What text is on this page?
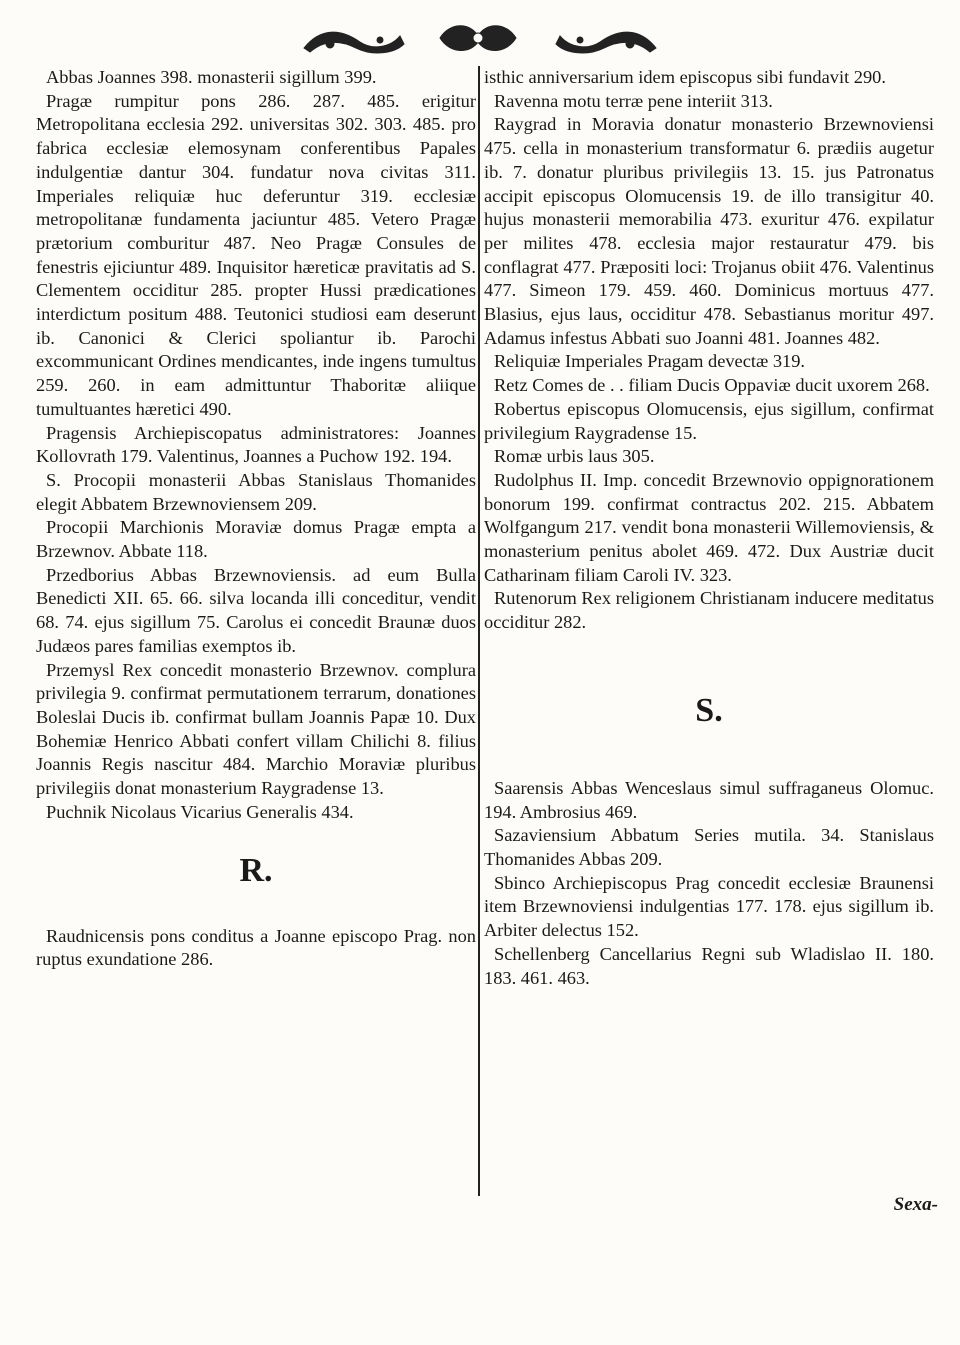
Abbas Joannes 398. monasterii sigillum 399.

Pragæ rumpitur pons 286. 287. 485. erigitur Metropolitana ecclesia 292. universitas 302. 303. 485. pro fabrica ecclesiæ elemosynam conferentibus Papales indulgentiæ dantur 304. fundatur nova civitas 311. Imperiales reliquiæ huc deferuntur 319. ecclesiæ metropolitanæ fundamenta jaciuntur 485. Vetero Pragæ prætorium comburitur 487. Neo Pragæ Consules de fenestris ejiciuntur 489. Inquisitor hæreticæ pravitatis ad S. Clementem occiditur 285. propter Hussi prædicationes interdictum positum 488. Teutonici studiosi eam deserunt ib. Canonici & Clerici spoliantur ib. Parochi excommunicant Ordines mendicantes, inde ingens tumultus 259. 260. in eam admittuntur Thaboritæ aliique tumultuantes hæretici 490.

Pragensis Archiepiscopatus administratores: Joannes Kollovrath 179. Valentinus, Joannes a Puchow 192. 194.

S. Procopii monasterii Abbas Stanislaus Thomanides elegit Abbatem Brzewnoviensem 209.

Procopii Marchionis Moraviæ domus Pragæ empta a Brzewnov. Abbate 118.

Przedborius Abbas Brzewnoviensis. ad eum Bulla Benedicti XII. 65. 66. silva locanda illi conceditur, vendit 68. 74. ejus sigillum 75. Carolus ei concedit Braunæ duos Judæos pares familias exemptos ib.

Przemysl Rex concedit monasterio Brzewnov. complura privilegia 9. confirmat permutationem terrarum, donationes Boleslai Ducis ib. confirmat bullam Joannis Papæ 10. Dux Bohemiæ Henrico Abbati confert villam Chilichi 8. filius Joannis Regis nascitur 484. Marchio Moraviæ pluribus privilegiis donat monasterium Raygradense 13.

Puchnik Nicolaus Vicarius Generalis 434.

R.

Raudnicensis pons conditus a Joanne episcopo Prag. non ruptus exundatione 286.

isthic anniversarium idem episcopus sibi fundavit 290.

Ravenna motu terræ pene interiit 313.

Raygrad in Moravia donatur monasterio Brzewnoviensi 475. cella in monasterium transformatur 6. prædiis augetur ib. 7. donatur pluribus privilegiis 13. 15. jus Patronatus accipit episcopus Olomucensis 19. de illo transigitur 40. hujus monasterii memorabilia 473. exuritur 476. expilatur per milites 478. ecclesia major restauratur 479. bis conflagrat 477. Præpositi loci: Trojanus obiit 476. Valentinus 477. Simeon 179. 459. 460. Dominicus mortuus 477. Blasius, ejus laus, occiditur 478. Sebastianus moritur 497. Adamus infestus Abbati suo Joanni 481. Joannes 482.

Reliquiæ Imperiales Pragam devectæ 319.

Retz Comes de . . filiam Ducis Oppaviæ ducit uxorem 268.

Robertus episcopus Olomucensis, ejus sigillum, confirmat privilegium Raygradense 15.

Romæ urbis laus 305.

Rudolphus II. Imp. concedit Brzewnovio oppignorationem bonorum 199. confirmat contractus 202. 215. Abbatem Wolfgangum 217. vendit bona monasterii Willemoviensis, & monasterium penitus abolet 469. 472. Dux Austriæ ducit Catharinam filiam Caroli IV. 323.

Rutenorum Rex religionem Christianam inducere meditatus occiditur 282.

S.

Saarensis Abbas Wenceslaus simul suffraganeus Olomuc. 194. Ambrosius 469.

Sazaviensium Abbatum Series mutila. 34. Stanislaus Thomanides Abbas 209.

Sbinco Archiepiscopus Prag concedit ecclesiæ Braunensi item Brzewnoviensi indulgentias 177. 178. ejus sigillum ib. Arbiter delectus 152.

Schellenberg Cancellarius Regni sub Wladislao II. 180. 183. 461. 463.

Sexa-
